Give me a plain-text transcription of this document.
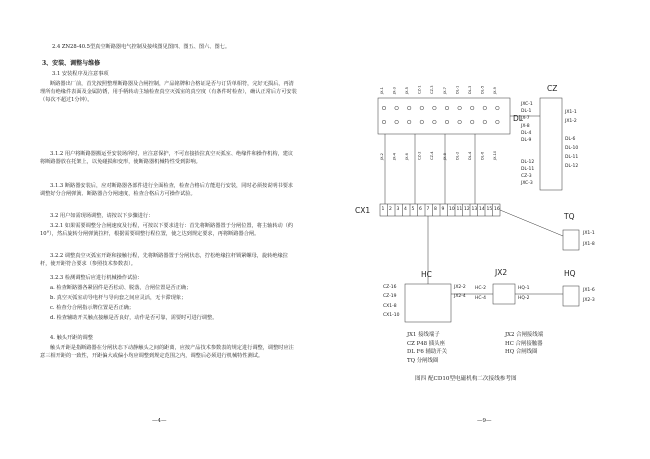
2.4 ZN28-40.5型真空断路器电气控制及接线图见图四、图五、图六、图七。
3、安装、调整与维修
3.1 安装程序及注意事项
断路器出厂前，首先按照整理断路器及合闸控制，产品铭牌和合格证是否与订货单相符，完好无损后，再清理所有绝缘件表面及金属防锈，用手柄转动主轴检查真空灭弧室的真空度（有条件时检查），确认正常后方可安装（每次不超过1分钟）。
3.1.2 用户将断路器搬运至安装场所时，应注意保护，不可直接抬拉真空灭弧室、绝缘件和操作机构，建议将断路器放在托架上，以免碰损和变形，使断路器机械特性受到影响。
3.1.3 断路器安装后，应对断路器各部件进行全面检查，检查合格后方能进行安装，同时必须按说明书要求调整好分合闸弹簧、断路器合分闸速度，检查合格后方可操作试验。
3.2 用户如需现场调整，请按以下步骤进行：
3.2.1 如果需要调整分合闸速度及行程，可按以下要求进行：首先将断路器置于分闸位置，将主轴转动（约10°），然后旋转分闸弹簧拉杆，根据需要调整行程位置，使之达到规定要求，再将断路器合闸。
3.2.2 调整真空灭弧室开距和接触行程，先将断路器置于分闸状态，拧松绝缘拉杆锁紧螺母，旋转绝缘拉杆，使开距符合要求（参照技术参数表）。
3.2.3 检测调整后应进行机械操作试验：
a. 检查断路器各紧固件是否松动、脱落，合闸位置是否正确；
b. 真空灭弧室动导电杆与导向套之间应灵活，无卡滞现象；
c. 检查分合闸指示牌位置是否正确；
d. 检查辅助开关触点接触是否良好，动作是否可靠，需要时可进行调整。
4. 触头开距的调整
触头开距是指断路器在分闸状态下动静触头之间的距离，应按产品技术参数表的规定进行调整，调整时应注意三相开距的一致性，开距偏大或偏小均应调整到规定范围之内，调整后必须进行机械特性测试。
—4—
JX-1
JX-2
JX-3
JX-4
JX-5
JX-6
CZ-1
CZ-2
CZ-3
CZ-4
JX-7
JX-8
DL-1
DL-2
DL-3
DL-4
DL-5
DL-6
JX-9
JX-10
DL
CZ
CX1
TQ
JX2
HC	HQ
JXC-1
DL-1
JX-7
JX-8
DL-4
DL-9
DL-12
DL-11
CZ-3
JXC-3
JX1-1
JX1-2
DL-6
DL-10
DL-11
DL-12
1 2 3 4 5 6 7 8 9 10 11 12 13 14 15 16
JX1-1
JX1-8
JX1-6
JX2-3
CZ-16
CZ-19
CX1-8
CX1-10
JX2-2
JX2-4
HC-2
HC-4
HQ-1
HQ-2
JX1 接线端子
CZ P48 插头座
DL F6 辅助开关
TQ 分闸线圈
JX2 合闸接线端
HC 合闸接触器
HQ 合闸线圈
图四 配CD10型电磁机构二次接线参考图
—9—
